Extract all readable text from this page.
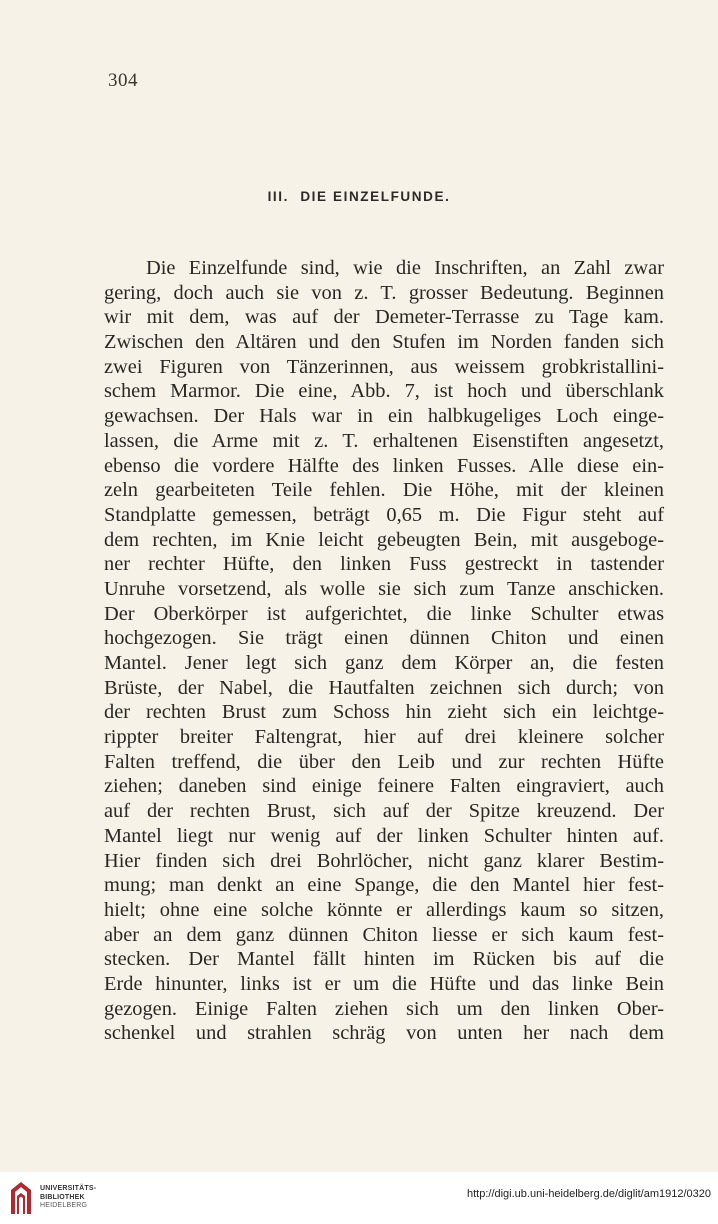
304
III. DIE EINZELFUNDE.
Die Einzelfunde sind, wie die Inschriften, an Zahl zwar
gering, doch auch sie von z. T. grosser Bedeutung. Beginnen
wir mit dem, was auf der Demeter-Terrasse zu Tage kam.
Zwischen den Altären und den Stufen im Norden fanden sich
zwei Figuren von Tänzerinnen, aus weissem grobkristallini-
schem Marmor. Die eine, Abb. 7, ist hoch und überschlank
gewachsen. Der Hals war in ein halbkugeliges Loch einge-
lassen, die Arme mit z. T. erhaltenen Eisenstiften angesetzt,
ebenso die vordere Hälfte des linken Fusses. Alle diese ein-
zeln gearbeiteten Teile fehlen. Die Höhe, mit der kleinen
Standplatte gemessen, beträgt 0,65 m. Die Figur steht auf
dem rechten, im Knie leicht gebeugten Bein, mit ausgeboge-
ner rechter Hüfte, den linken Fuss gestreckt in tastender
Unruhe vorsetzend, als wolle sie sich zum Tanze anschicken.
Der Oberkörper ist aufgerichtet, die linke Schulter etwas
hochgezogen. Sie trägt einen dünnen Chiton und einen
Mantel. Jener legt sich ganz dem Körper an, die festen
Brüste, der Nabel, die Hautfalten zeichnen sich durch; von
der rechten Brust zum Schoss hin zieht sich ein leichtge-
rippter breiter Faltengrat, hier auf drei kleinere solcher
Falten treffend, die über den Leib und zur rechten Hüfte
ziehen; daneben sind einige feinere Falten eingraviert, auch
auf der rechten Brust, sich auf der Spitze kreuzend. Der
Mantel liegt nur wenig auf der linken Schulter hinten auf.
Hier finden sich drei Bohrlöcher, nicht ganz klarer Bestim-
mung; man denkt an eine Spange, die den Mantel hier fest-
hielt; ohne eine solche könnte er allerdings kaum so sitzen,
aber an dem ganz dünnen Chiton liesse er sich kaum fest-
stecken. Der Mantel fällt hinten im Rücken bis auf die
Erde hinunter, links ist er um die Hüfte und das linke Bein
gezogen. Einige Falten ziehen sich um den linken Ober-
schenkel und strahlen schräg von unten her nach dem
UNIVERSITÄTS-
BIBLIOTHEK
HEIDELBERG
http://digi.ub.uni-heidelberg.de/diglit/am1912/0320
